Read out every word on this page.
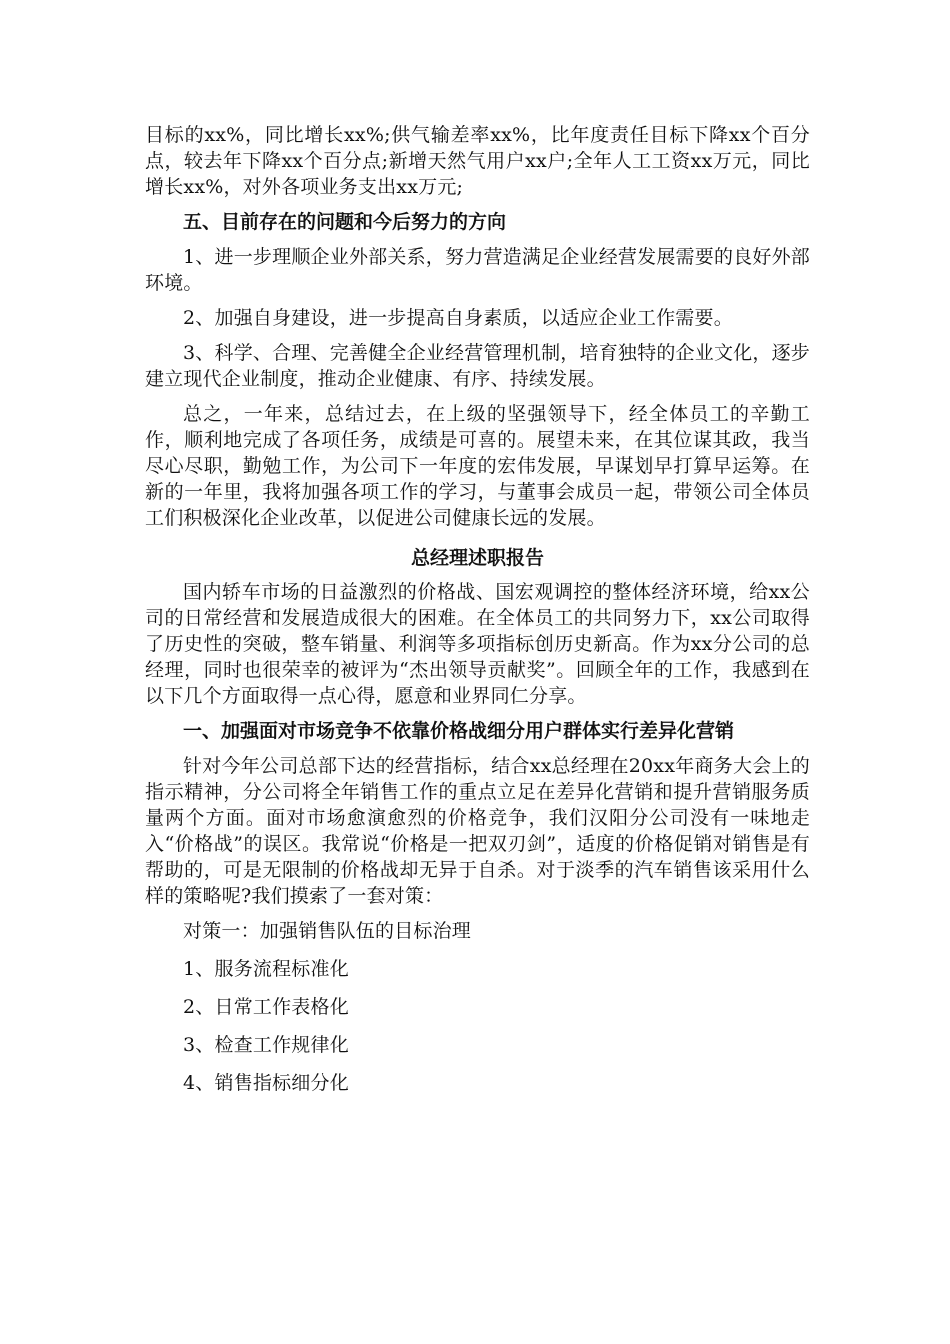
目标的xx%，同比增长xx%;供气输差率xx%，比年度责任目标下降xx个百分点，较去年下降xx个百分点;新增天然气用户xx户;全年人工工资xx万元，同比增长xx%，对外各项业务支出xx万元;

五、目前存在的问题和今后努力的方向

1、进一步理顺企业外部关系，努力营造满足企业经营发展需要的良好外部环境。

2、加强自身建设，进一步提高自身素质，以适应企业工作需要。

3、科学、合理、完善健全企业经营管理机制，培育独特的企业文化，逐步建立现代企业制度，推动企业健康、有序、持续发展。

总之，一年来，总结过去，在上级的坚强领导下，经全体员工的辛勤工作，顺利地完成了各项任务，成绩是可喜的。展望未来，在其位谋其政，我当尽心尽职，勤勉工作，为公司下一年度的宏伟发展，早谋划早打算早运筹。在新的一年里，我将加强各项工作的学习，与董事会成员一起，带领公司全体员工们积极深化企业改革，以促进公司健康长远的发展。

总经理述职报告

国内轿车市场的日益激烈的价格战、国宏观调控的整体经济环境，给xx公司的日常经营和发展造成很大的困难。在全体员工的共同努力下，xx公司取得了历史性的突破，整车销量、利润等多项指标创历史新高。作为xx分公司的总经理，同时也很荣幸的被评为“杰出领导贡献奖”。回顾全年的工作，我感到在以下几个方面取得一点心得，愿意和业界同仁分享。

一、加强面对市场竞争不依靠价格战细分用户群体实行差异化营销

针对今年公司总部下达的经营指标，结合xx总经理在20xx年商务大会上的指示精神，分公司将全年销售工作的重点立足在差异化营销和提升营销服务质量两个方面。面对市场愈演愈烈的价格竞争，我们汉阳分公司没有一味地走入“价格战”的误区。我常说“价格是一把双刃剑”，适度的价格促销对销售是有帮助的，可是无限制的价格战却无异于自杀。对于淡季的汽车销售该采用什么样的策略呢?我们摸索了一套对策：

对策一：加强销售队伍的目标治理

1、服务流程标准化

2、日常工作表格化

3、检查工作规律化

4、销售指标细分化
